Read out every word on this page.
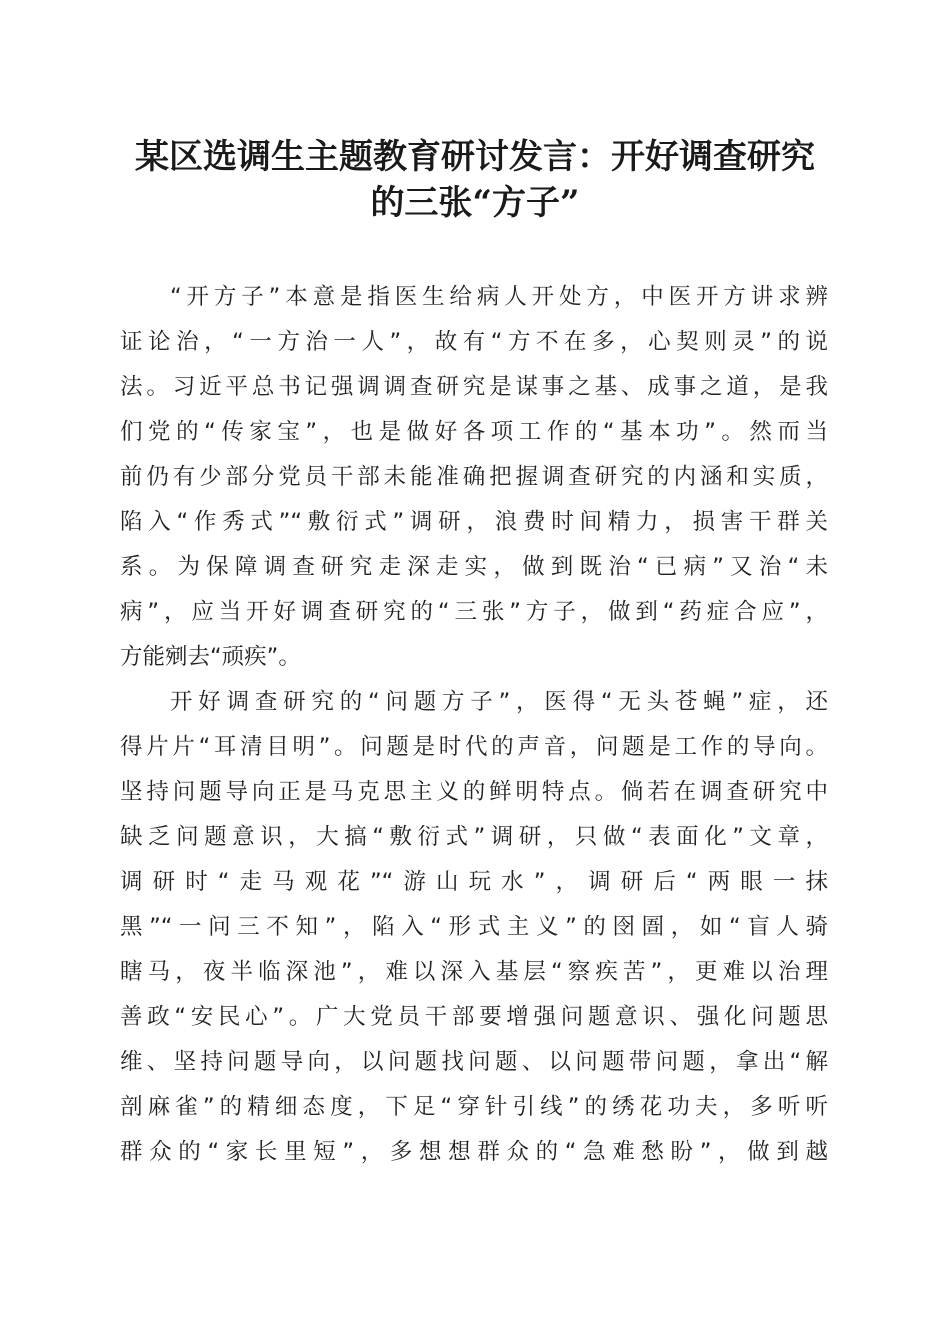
某区选调生主题教育研讨发言：开好调查研究
的三张“方子”
“开方子”本意是指医生给病人开处方，中医开方讲求辨
证论治，“一方治一人”，故有“方不在多，心契则灵”的说
法。习近平总书记强调调查研究是谋事之基、成事之道，是我
们党的“传家宝”，也是做好各项工作的“基本功”。然而当
前仍有少部分党员干部未能准确把握调查研究的内涵和实质，
陷入“作秀式”“敷衍式”调研，浪费时间精力，损害干群关
系。为保障调查研究走深走实，做到既治“已病”又治“未
病”，应当开好调查研究的“三张”方子，做到“药症合应”，
方能剜去“顽疾”。
开好调查研究的“问题方子”，医得“无头苍蝇”症，还
得片片“耳清目明”。问题是时代的声音，问题是工作的导向。
坚持问题导向正是马克思主义的鲜明特点。倘若在调查研究中
缺乏问题意识，大搞“敷衍式”调研，只做“表面化”文章，
调研时“走马观花”“游山玩水”，调研后“两眼一抹
黑”“一问三不知”，陷入“形式主义”的囹圄，如“盲人骑
瞎马，夜半临深池”，难以深入基层“察疾苦”，更难以治理
善政“安民心”。广大党员干部要增强问题意识、强化问题思
维、坚持问题导向，以问题找问题、以问题带问题，拿出“解
剖麻雀”的精细态度，下足“穿针引线”的绣花功夫，多听听
群众的“家长里短”，多想想群众的“急难愁盼”，做到越
